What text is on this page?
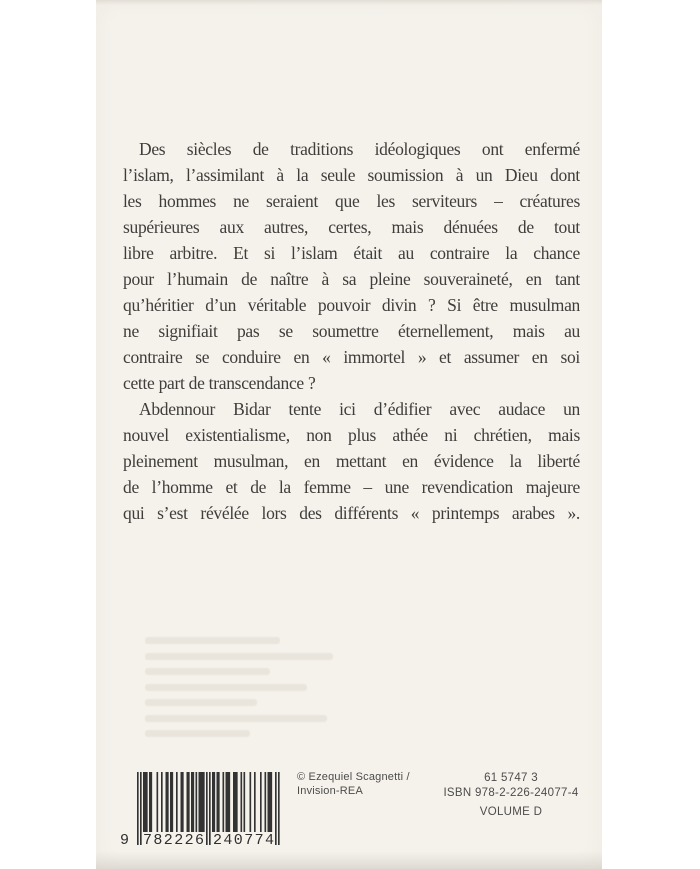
Des siècles de traditions idéologiques ont enfermé
l’islam, l’assimilant à la seule soumission à un Dieu dont
les hommes ne seraient que les serviteurs – créatures
supérieures aux autres, certes, mais dénuées de tout
libre arbitre. Et si l’islam était au contraire la chance
pour l’humain de naître à sa pleine souveraineté, en tant
qu’héritier d’un véritable pouvoir divin ? Si être musulman
ne signifiait pas se soumettre éternellement, mais au
contraire se conduire en « immortel » et assumer en soi
cette part de transcendance ?
Abdennour Bidar tente ici d’édifier avec audace un
nouvel existentialisme, non plus athée ni chrétien, mais
pleinement musulman, en mettant en évidence la liberté
de l’homme et de la femme – une revendication majeure
qui s’est révélée lors des différents « printemps arabes ».
9 782226 240774
© Ezequiel Scagnetti /
Invision-REA
61 5747 3
ISBN 978-2-226-24077-4
VOLUME D
